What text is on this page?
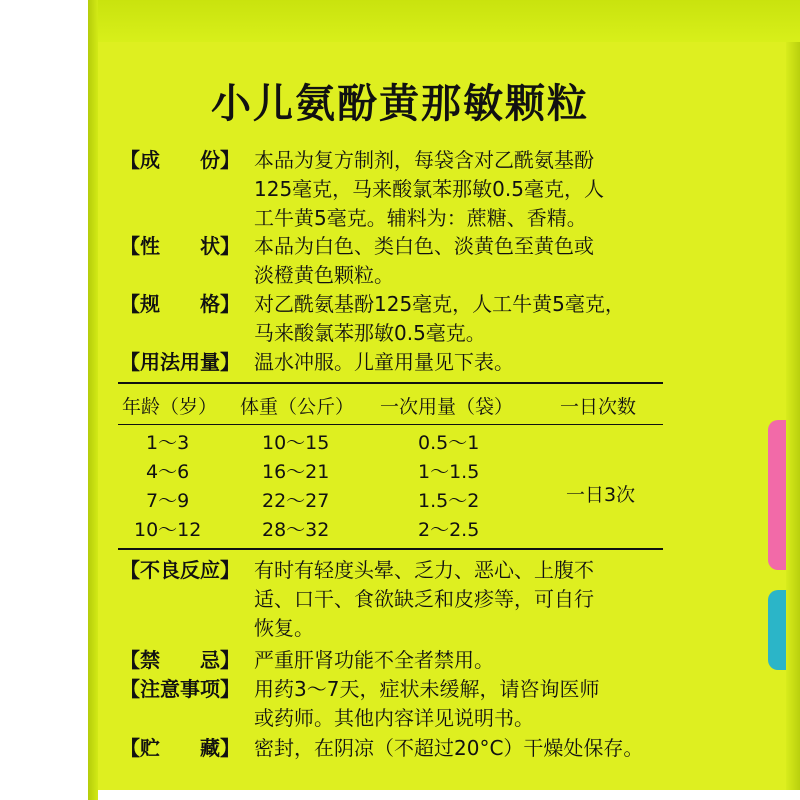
小儿氨酚黄那敏颗粒
【成　　份】 本品为复方制剂，每袋含对乙酰氨基酚
125毫克，马来酸氯苯那敏0.5毫克，人
工牛黄5毫克。辅料为：蔗糖、香精。
【性　　状】 本品为白色、类白色、淡黄色至黄色或
淡橙黄色颗粒。
【规　　格】 对乙酰氨基酚125毫克，人工牛黄5毫克，
马来酸氯苯那敏0.5毫克。
【用法用量】 温水冲服。儿童用量见下表。
年龄（岁） 体重（公斤） 一次用量（袋） 一日次数
1～3	10～15	0.5～1
4～6	16～21	1～1.5
7～9	22～27	1.5～2
10～12	28～32	2～2.5
一日3次
【不良反应】 有时有轻度头晕、乏力、恶心、上腹不
适、口干、食欲缺乏和皮疹等，可自行
恢复。
【禁　　忌】 严重肝肾功能不全者禁用。
【注意事项】 用药3～7天，症状未缓解，请咨询医师
或药师。其他内容详见说明书。
【贮　　藏】 密封，在阴凉（不超过20°C）干燥处保存。
